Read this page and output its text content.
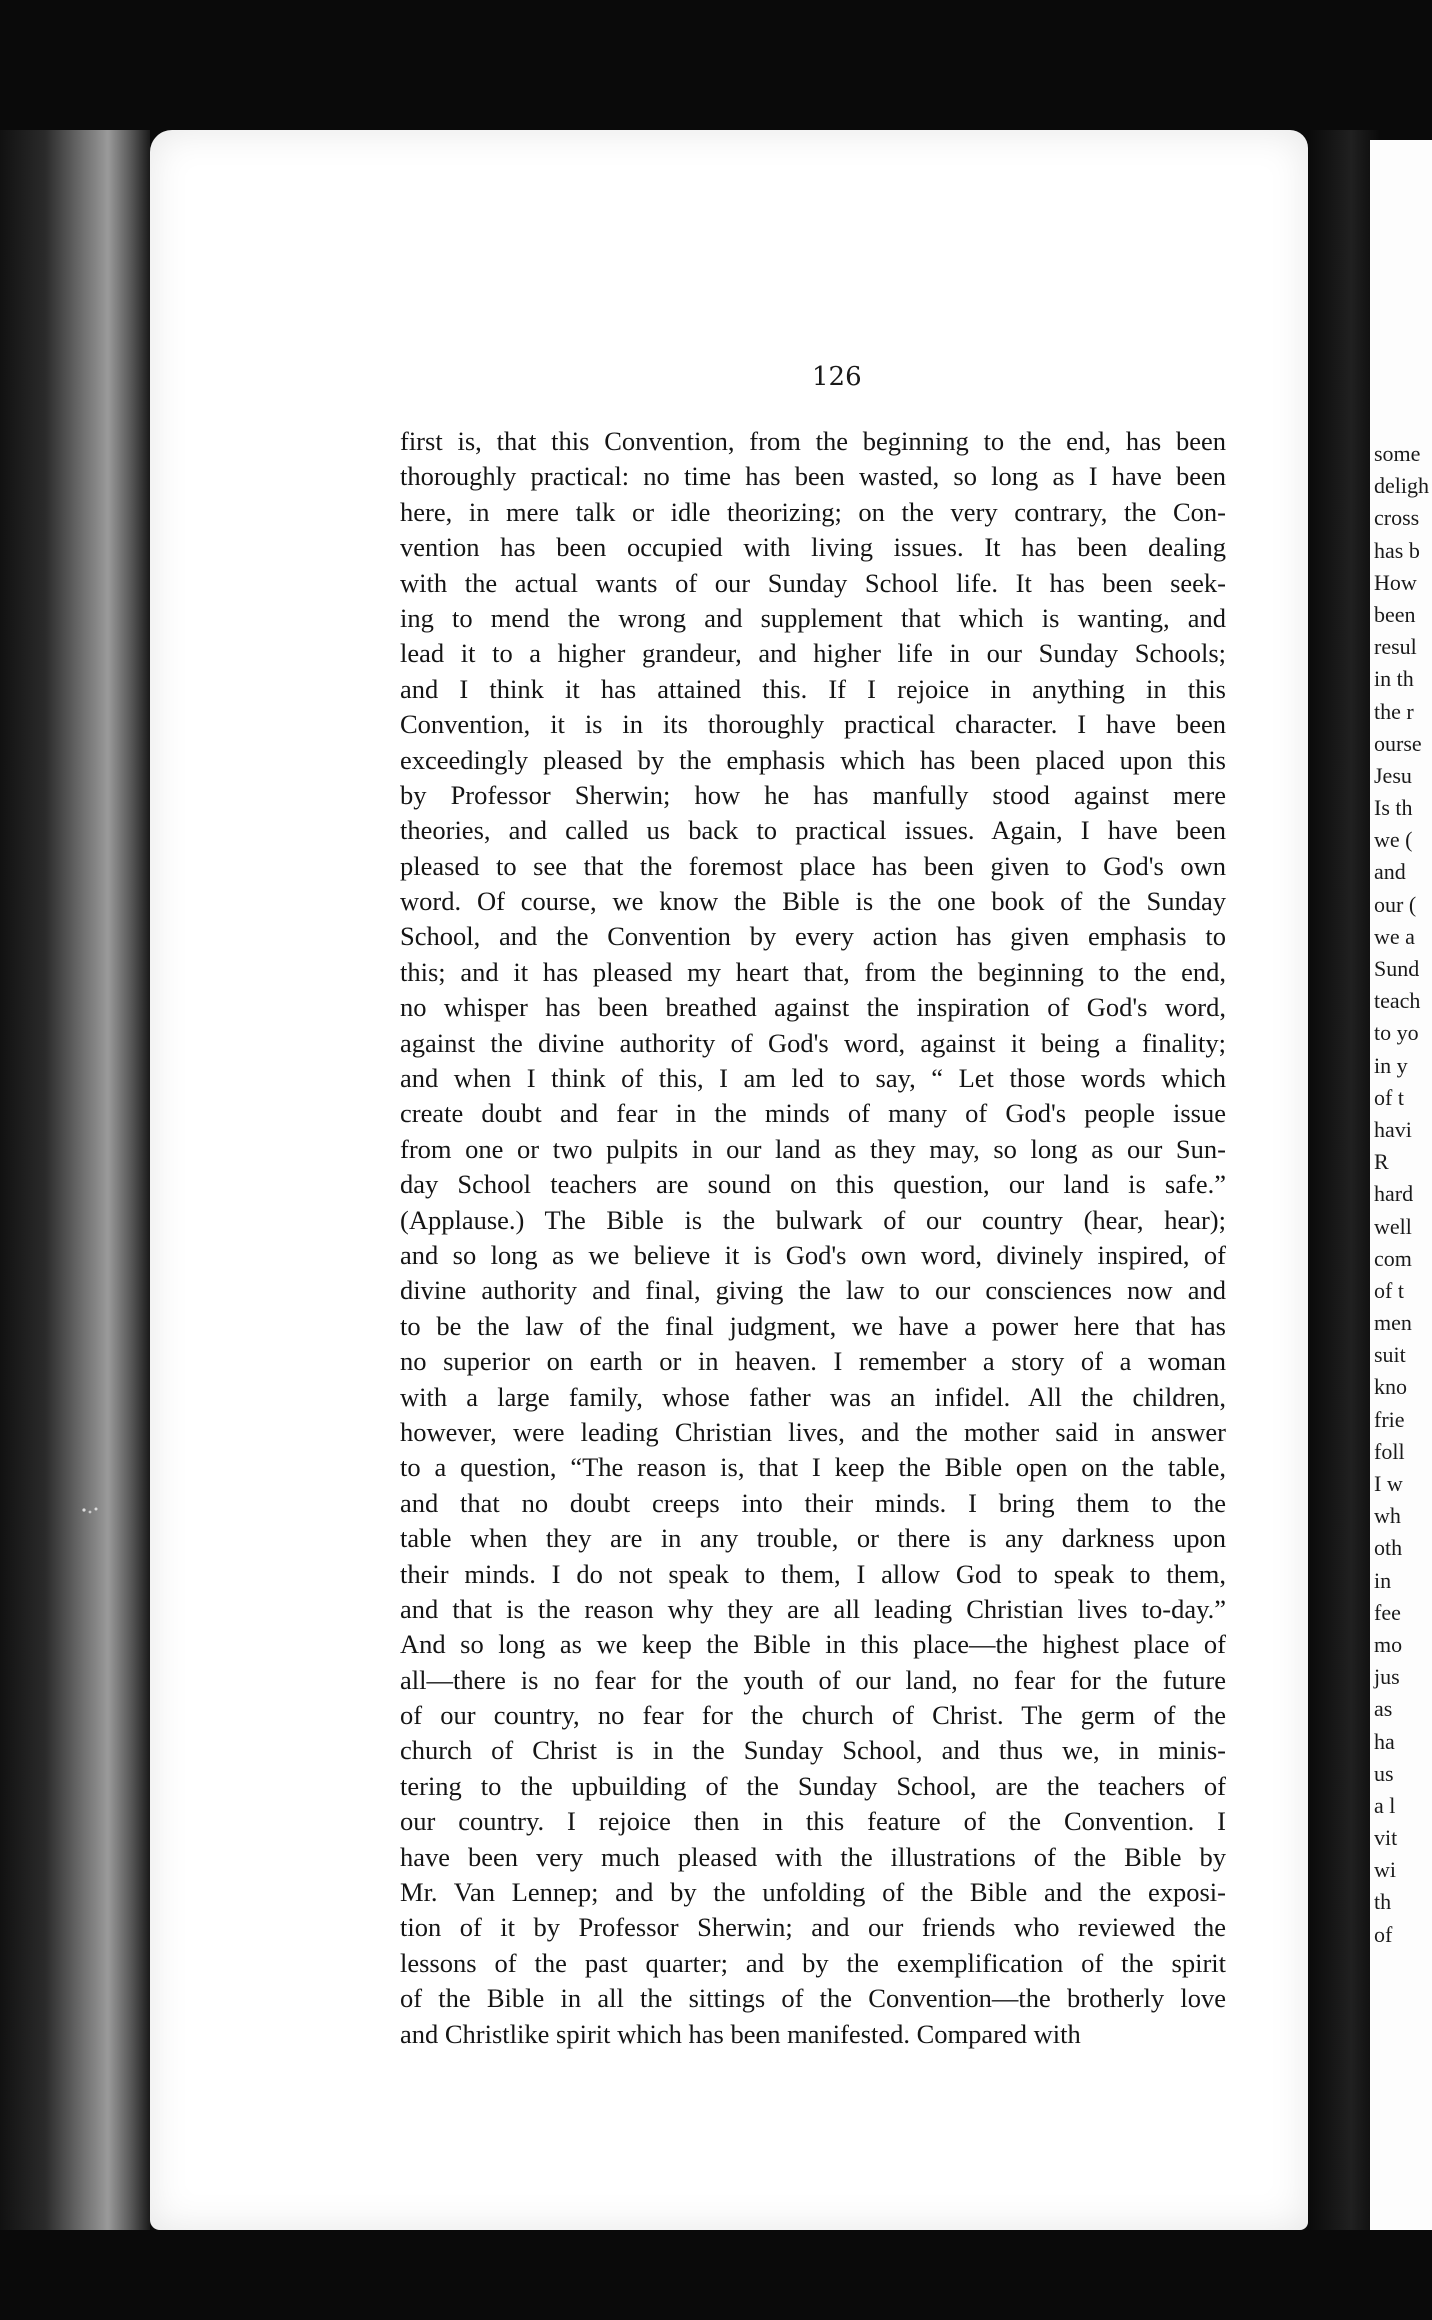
126
first is, that this Convention, from the beginning to the end, has been
thoroughly practical: no time has been wasted, so long as I have been
here, in mere talk or idle theorizing; on the very contrary, the Con-
vention has been occupied with living issues. It has been dealing
with the actual wants of our Sunday School life. It has been seek-
ing to mend the wrong and supplement that which is wanting, and
lead it to a higher grandeur, and higher life in our Sunday Schools;
and I think it has attained this. If I rejoice in anything in this
Convention, it is in its thoroughly practical character. I have been
exceedingly pleased by the emphasis which has been placed upon this
by Professor Sherwin; how he has manfully stood against mere
theories, and called us back to practical issues. Again, I have been
pleased to see that the foremost place has been given to God's own
word. Of course, we know the Bible is the one book of the Sunday
School, and the Convention by every action has given emphasis to
this; and it has pleased my heart that, from the beginning to the end,
no whisper has been breathed against the inspiration of God's word,
against the divine authority of God's word, against it being a finality;
and when I think of this, I am led to say, “ Let those words which
create doubt and fear in the minds of many of God's people issue
from one or two pulpits in our land as they may, so long as our Sun-
day School teachers are sound on this question, our land is safe.”
(Applause.) The Bible is the bulwark of our country (hear, hear);
and so long as we believe it is God's own word, divinely inspired, of
divine authority and final, giving the law to our consciences now and
to be the law of the final judgment, we have a power here that has
no superior on earth or in heaven. I remember a story of a woman
with a large family, whose father was an infidel. All the children,
however, were leading Christian lives, and the mother said in answer
to a question, “The reason is, that I keep the Bible open on the table,
and that no doubt creeps into their minds. I bring them to the
table when they are in any trouble, or there is any darkness upon
their minds. I do not speak to them, I allow God to speak to them,
and that is the reason why they are all leading Christian lives to-day.”
And so long as we keep the Bible in this place—the highest place of
all—there is no fear for the youth of our land, no fear for the future
of our country, no fear for the church of Christ. The germ of the
church of Christ is in the Sunday School, and thus we, in minis-
tering to the upbuilding of the Sunday School, are the teachers of
our country. I rejoice then in this feature of the Convention. I
have been very much pleased with the illustrations of the Bible by
Mr. Van Lennep; and by the unfolding of the Bible and the exposi-
tion of it by Professor Sherwin; and our friends who reviewed the
lessons of the past quarter; and by the exemplification of the spirit
of the Bible in all the sittings of the Convention—the brotherly love
and Christlike spirit which has been manifested. Compared with
some
deligh
cross
has b
How
been
resul
in th
the r
ourse
Jesu
Is th
we (
and
our (
we a
Sund
teach
to yo
in y
of t
havi
R
hard
well
com
of t
men
suit
kno
frie
foll
I w
wh
oth
in
fee
mo
jus
as
ha
us
a l
vit
wi
th
of
